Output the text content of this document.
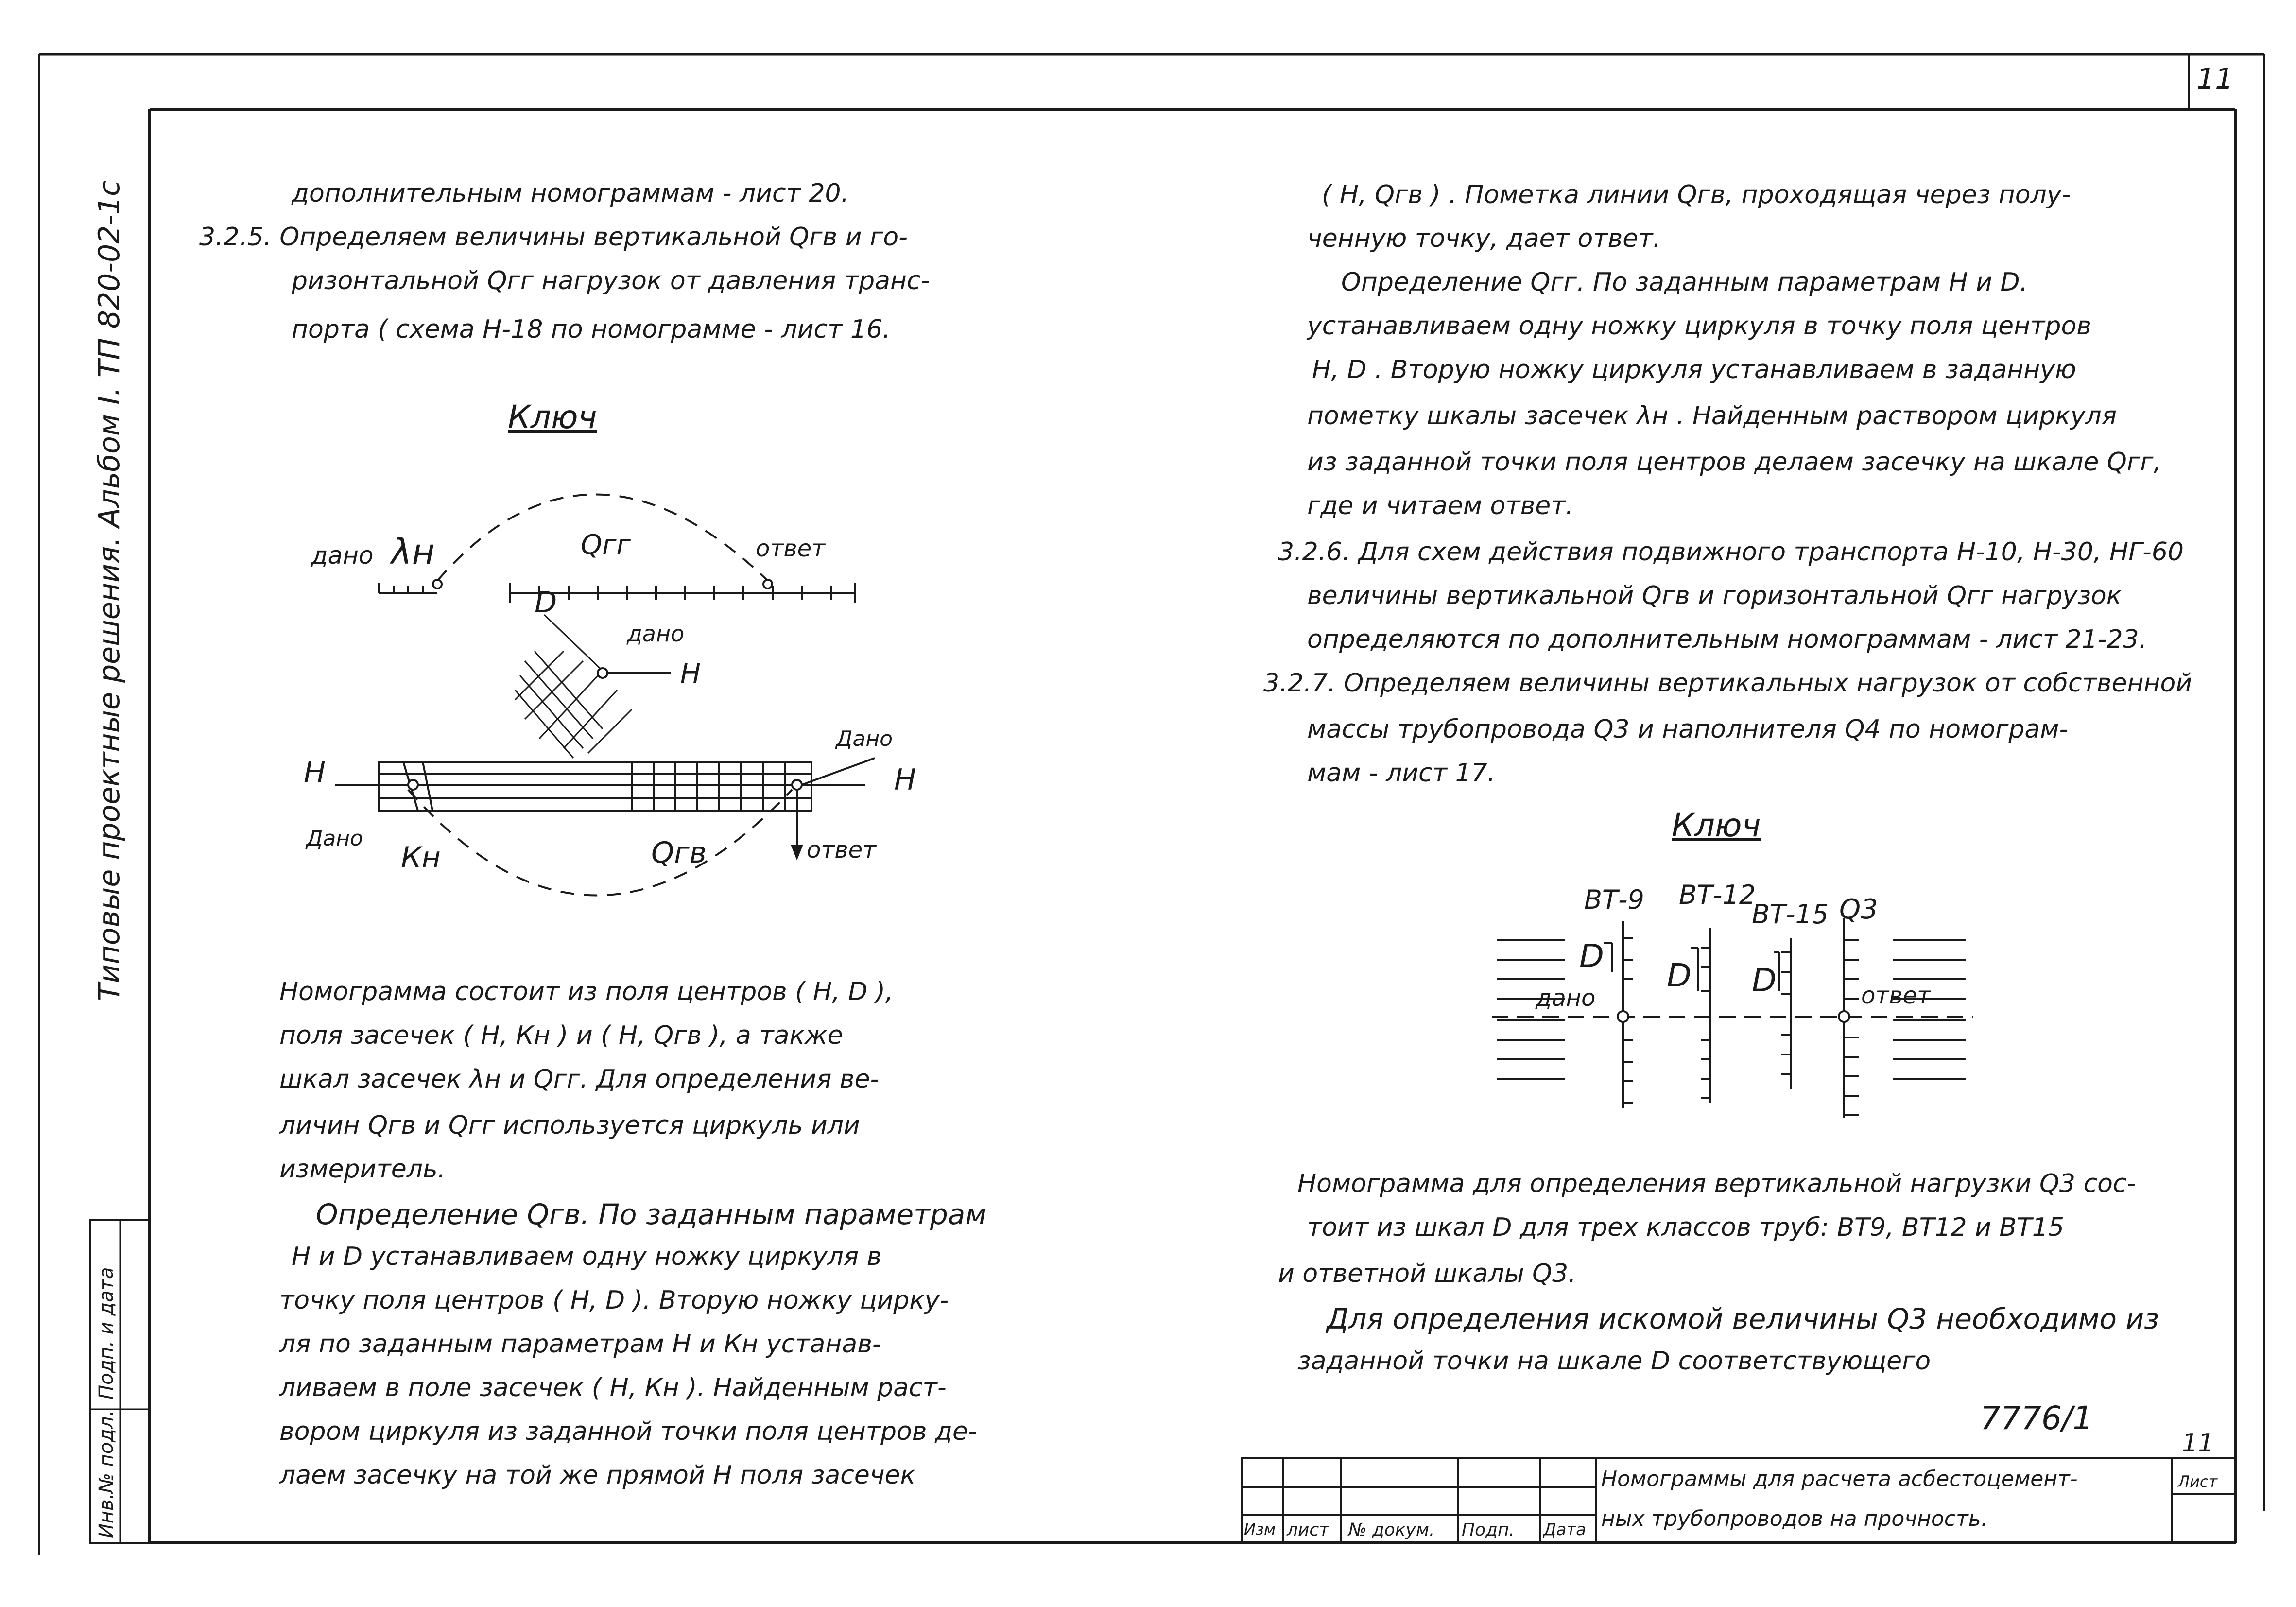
11
Типовые проектные решения. Альбом I. ТП 820-02-1с
Подп. и дата
Инв.№ подл.
дополнительным номограммам - лист 20.
3.2.5. Определяем величины вертикальной Qгв и го-
ризонтальной Qгг нагрузок от давления транс-
порта ( схема Н-18 по номограмме - лист 16.
Ключ
дано λн	Qгг	ответ
D
дано
H
H	H
Дано
Дано
Кн	Qгв	ответ
Номограмма состоит из поля центров ( H, D ),
поля засечек ( H, Кн ) и ( H, Qгв ), а также
шкал засечек λн и Qгг. Для определения ве-
личин Qгв и Qгг используется циркуль или
измеритель.
Определение Qгв. По заданным параметрам
H и D устанавливаем одну ножку циркуля в
точку поля центров ( H, D ). Вторую ножку цирку-
ля по заданным параметрам H и Кн устанав-
ливаем в поле засечек ( H, Кн ). Найденным раст-
вором циркуля из заданной точки поля центров де-
лаем засечку на той же прямой H поля засечек
( H, Qгв ) . Пометка линии Qгв, проходящая через полу-
ченную точку, дает ответ.
Определение Qгг. По заданным параметрам H и D.
устанавливаем одну ножку циркуля в точку поля центров
H, D . Вторую ножку циркуля устанавливаем в заданную
пометку шкалы засечек λн . Найденным раствором циркуля
из заданной точки поля центров делаем засечку на шкале Qгг,
где и читаем ответ.
3.2.6. Для схем действия подвижного транспорта Н-10, Н-30, НГ-60
величины вертикальной Qгв и горизонтальной Qгг нагрузок
определяются по дополнительным номограммам - лист 21-23.
3.2.7. Определяем величины вертикальных нагрузок от собственной
массы трубопровода Q3 и наполнителя Q4 по номограм-
мам - лист 17.
Ключ
ВТ-9 ВТ-12
ВТ-15 Q3
D
D D
дано	ответ
Номограмма для определения вертикальной нагрузки Q3 сос-
тоит из шкал D для трех классов труб: ВТ9, ВТ12 и ВТ15
и ответной шкалы Q3.
Для определения искомой величины Q3 необходимо из
заданной точки на шкале D соответствующего
7776/1
11
Изм лист № докум. Подп. Дата
Номограммы для расчета асбестоцемент-
ных трубопроводов на прочность.
Лист
